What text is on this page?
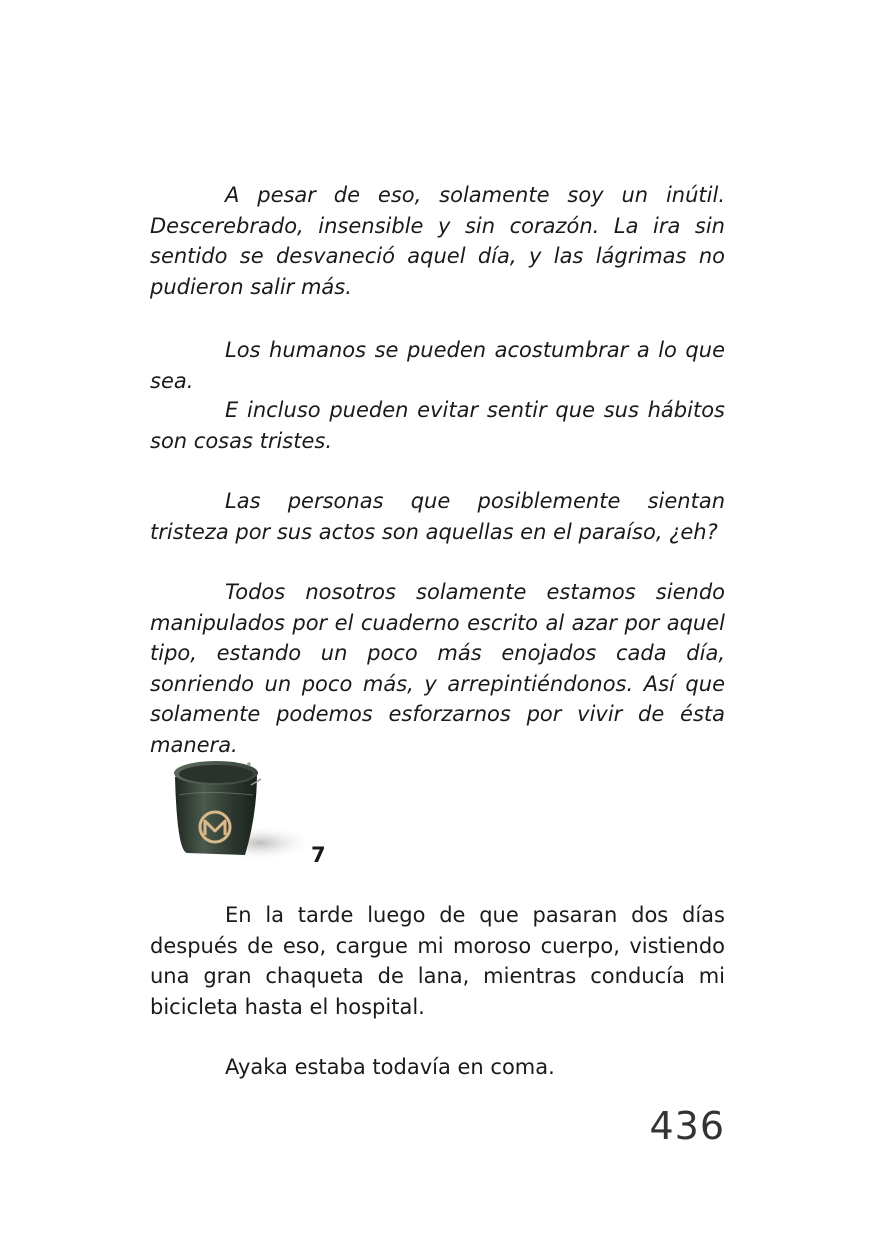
A pesar de eso, solamente soy un inútil. Descerebrado, insensible y sin corazón. La ira sin sentido se desvaneció aquel día, y las lágrimas no pudieron salir más.

Los humanos se pueden acostumbrar a lo que sea.

E incluso pueden evitar sentir que sus hábitos son cosas tristes.

Las personas que posiblemente sientan tristeza por sus actos son aquellas en el paraíso, ¿eh?

Todos nosotros solamente estamos siendo manipulados por el cuaderno escrito al azar por aquel tipo, estando un poco más enojados cada día, sonriendo un poco más, y arrepintiéndonos. Así que solamente podemos esforzarnos por vivir de ésta manera.

7

En la tarde luego de que pasaran dos días después de eso, cargue mi moroso cuerpo, vistiendo una gran chaqueta de lana, mientras conducía mi bicicleta hasta el hospital.

Ayaka estaba todavía en coma.

436
